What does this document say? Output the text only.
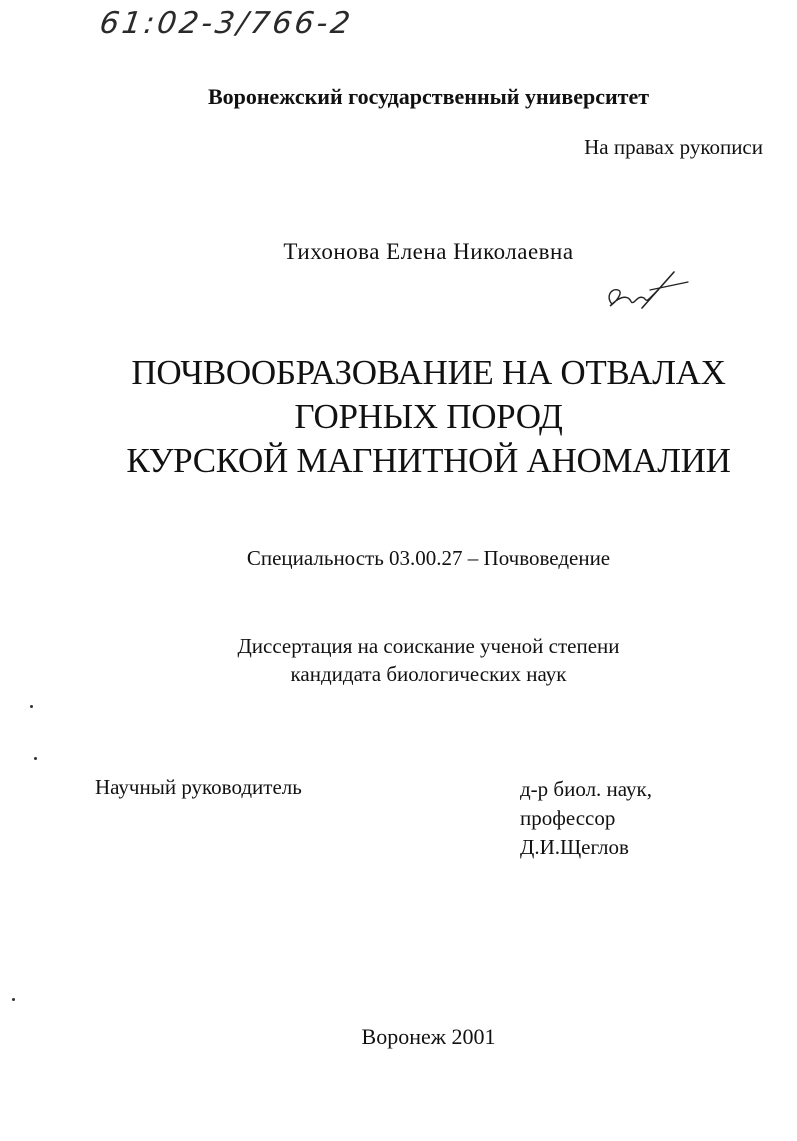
61:02-3/766-2
Воронежский государственный университет
На правах рукописи
Тихонова Елена Николаевна
ПОЧВООБРАЗОВАНИЕ НА ОТВАЛАХ
ГОРНЫХ ПОРОД
КУРСКОЙ МАГНИТНОЙ АНОМАЛИИ
Специальность 03.00.27 – Почвоведение
Диссертация на соискание ученой степени
кандидата биологических наук
Научный руководитель	д-р биол. наук,
профессор
Д.И.Щеглов
Воронеж 2001
